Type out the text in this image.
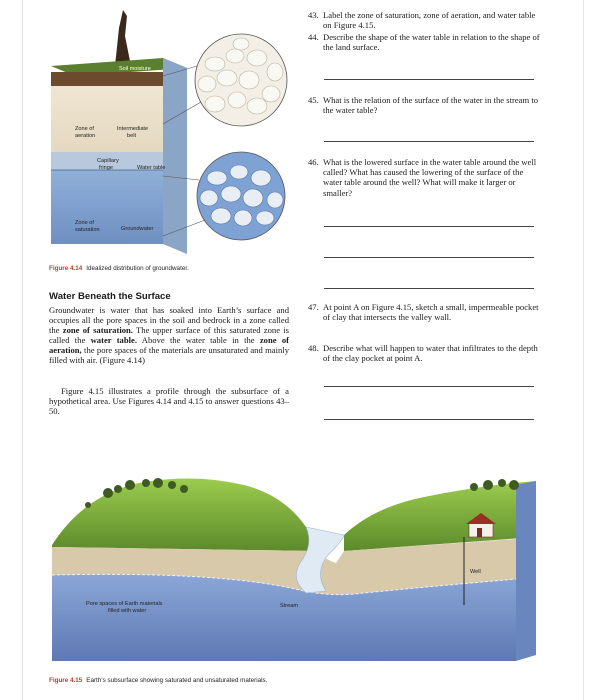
Soil moisture
Zone of
aeration
Intermediate
belt
Capillary
fringe	Water table
Zone of
saturation	Groundwater
Figure 4.14 Idealized distribution of groundwater.
43. Label the zone of saturation, zone of aeration, and water table on Figure 4.15.
44. Describe the shape of the water table in relation to the shape of the land surface.
45. What is the relation of the surface of the water in the stream to the water table?
46. What is the lowered surface in the water table around the well called? What has caused the lowering of the surface of the water table around the well? What will make it larger or smaller?
47. At point A on Figure 4.15, sketch a small, impermeable pocket of clay that intersects the valley wall.
48. Describe what will happen to water that infiltrates to the depth of the clay pocket at point A.
Water Beneath the Surface
Groundwater is water that has soaked into Earth’s surface and occupies all the pore spaces in the soil and bedrock in a zone called the zone of saturation. The upper surface of this saturated zone is called the water table. Above the water table in the zone of aeration, the pore spaces of the materials are unsaturated and mainly filled with air. (Figure 4.14)
Figure 4.15 illustrates a profile through the subsurface of a hypothetical area. Use Figures 4.14 and 4.15 to answer questions 43–50.
Pore spaces of Earth materials
filled with water
Stream
Well
Figure 4.15 Earth’s subsurface showing saturated and unsaturated materials.
